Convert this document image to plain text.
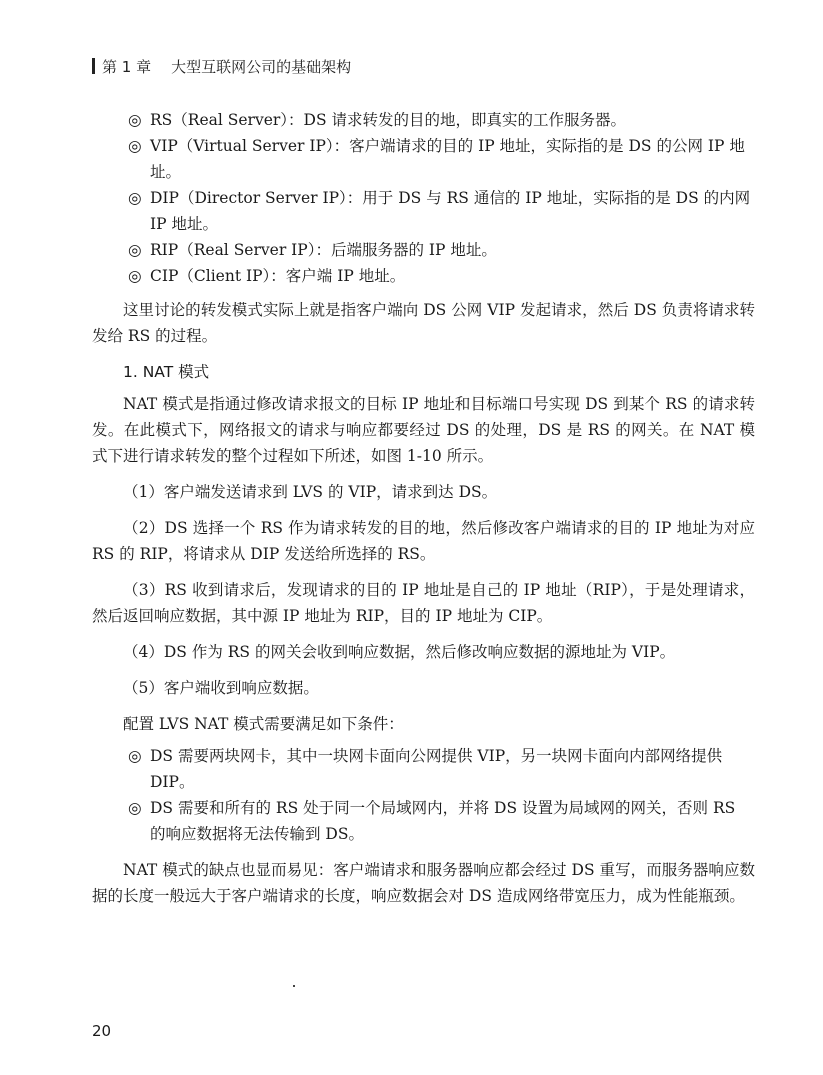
第 1 章 大型互联网公司的基础架构

◎ RS（Real Server）：DS 请求转发的目的地，即真实的工作服务器。

◎ VIP（Virtual Server IP）：客户端请求的目的 IP 地址，实际指的是 DS 的公网 IP 地址。

◎ DIP（Director Server IP）：用于 DS 与 RS 通信的 IP 地址，实际指的是 DS 的内网 IP 地址。

◎ RIP（Real Server IP）：后端服务器的 IP 地址。

◎ CIP（Client IP）：客户端 IP 地址。

这里讨论的转发模式实际上就是指客户端向 DS 公网 VIP 发起请求，然后 DS 负责将请求转发给 RS 的过程。

1. NAT 模式

NAT 模式是指通过修改请求报文的目标 IP 地址和目标端口号实现 DS 到某个 RS 的请求转发。在此模式下，网络报文的请求与响应都要经过 DS 的处理，DS 是 RS 的网关。在 NAT 模式下进行请求转发的整个过程如下所述，如图 1-10 所示。

（1）客户端发送请求到 LVS 的 VIP，请求到达 DS。

（2）DS 选择一个 RS 作为请求转发的目的地，然后修改客户端请求的目的 IP 地址为对应 RS 的 RIP，将请求从 DIP 发送给所选择的 RS。

（3）RS 收到请求后，发现请求的目的 IP 地址是自己的 IP 地址（RIP），于是处理请求，然后返回响应数据，其中源 IP 地址为 RIP，目的 IP 地址为 CIP。

（4）DS 作为 RS 的网关会收到响应数据，然后修改响应数据的源地址为 VIP。

（5）客户端收到响应数据。

配置 LVS NAT 模式需要满足如下条件：

◎ DS 需要两块网卡，其中一块网卡面向公网提供 VIP，另一块网卡面向内部网络提供 DIP。

◎ DS 需要和所有的 RS 处于同一个局域网内，并将 DS 设置为局域网的网关，否则 RS 的响应数据将无法传输到 DS。

NAT 模式的缺点也显而易见：客户端请求和服务器响应都会经过 DS 重写，而服务器响应数据的长度一般远大于客户端请求的长度，响应数据会对 DS 造成网络带宽压力，成为性能瓶颈。

20
